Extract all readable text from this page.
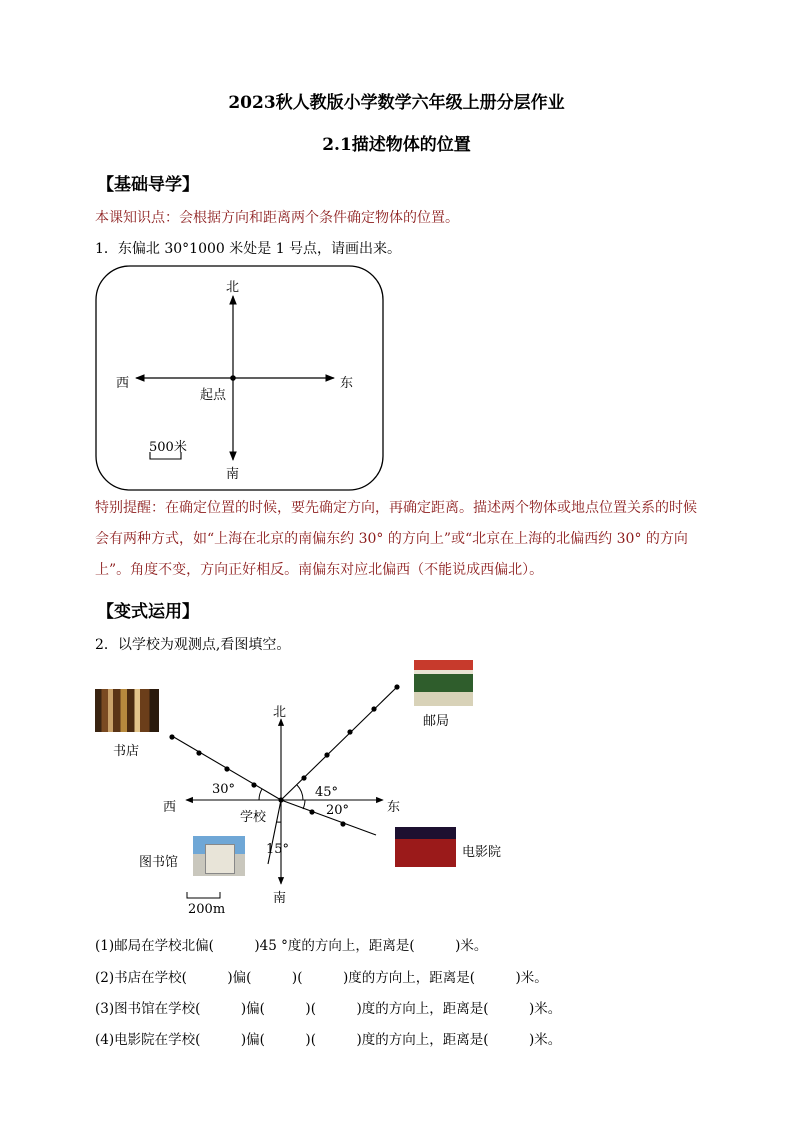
2023秋人教版小学数学六年级上册分层作业
2.1描述物体的位置
【基础导学】
本课知识点：会根据方向和距离两个条件确定物体的位置。
1．东偏北 30°1000 米处是 1 号点，请画出来。
北
南
西	东
起点
500米
特别提醒：在确定位置的时候，要先确定方向，再确定距离。描述两个物体或地点位置关系的时候会有两种方式，如“上海在北京的南偏东约 30° 的方向上”或“北京在上海的北偏西约 30° 的方向上”。角度不变，方向正好相反。南偏东对应北偏西（不能说成西偏北）。
【变式运用】
2．以学校为观测点,看图填空。
北
南
西	东
学校
邮局
书店
图书馆
电影院
30°	45°
20°
15°
200m
(1)邮局在学校北偏(　　　)45 °度的方向上，距离是(　　　)米。
(2)书店在学校(　　　)偏(　　　)(　　　)度的方向上，距离是(　　　)米。
(3)图书馆在学校(　　　)偏(　　　)(　　　)度的方向上，距离是(　　　)米。
(4)电影院在学校(　　　)偏(　　　)(　　　)度的方向上，距离是(　　　)米。
